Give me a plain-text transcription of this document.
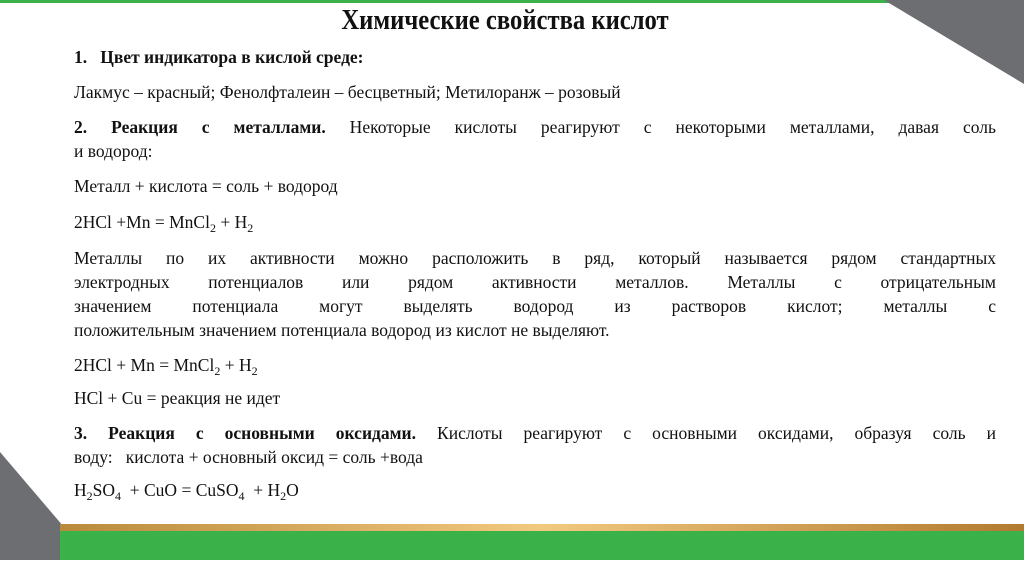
Химические свойства кислот
1.   Цвет индикатора в кислой среде:
Лакмус – красный; Фенолфталеин – бесцветный; Метилоранж – розовый
2. Реакция с металлами. Некоторые кислоты реагируют с некоторыми металлами, давая соль
и водород:
Металл + кислота = соль + водород
2HCl +Mn = MnCl$_2$ + $H_2$
Металлы по их активности можно расположить в ряд, который называется рядом стандартных
электродных потенциалов или рядом активности металлов. Металлы с отрицательным
значением потенциала могут выделять водород из растворов кислот; металлы с
положительным значением потенциала водород из кислот не выделяют.
2HCl + Mn = MnCl$_2$ + $H_2$
HCl + Cu = реакция не идет
3. Реакция с основными оксидами. Кислоты реагируют с основными оксидами, образуя соль и
воду:   кислота + основный оксид = соль +вода
$H_2SO_4$  + CuO = CuSO$_4$  + $H_2O$
